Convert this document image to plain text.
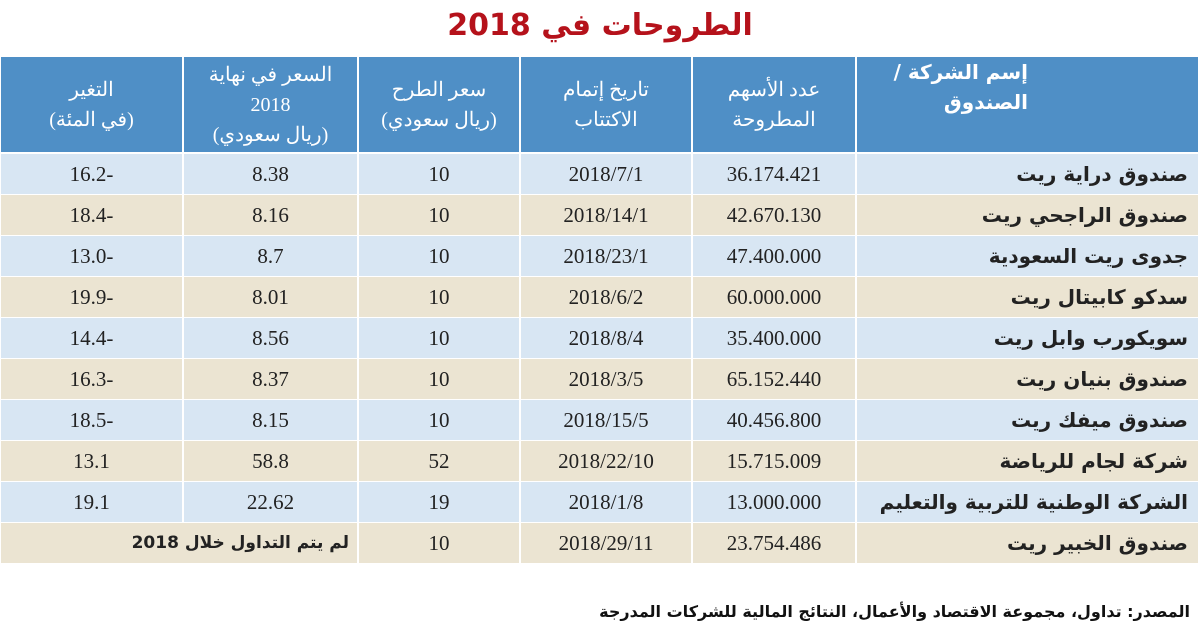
الطروحات في 2018
إسم الشركة /
الصندوق
عدد الأسهم
المطروحة
تاريخ إتمام
الاكتتاب
سعر الطرح
(ريال سعودي)
السعر في نهاية
2018
(ريال سعودي)
التغير
(في المئة)
صندوق دراية ريت
36.174.421
2018/7/1
10
8.38
-16.2
صندوق الراجحي ريت
42.670.130
2018/14/1
10
8.16
-18.4
جدوى ريت السعودية
47.400.000
2018/23/1
10
8.7
-13.0
سدكو كابيتال ريت
60.000.000
2018/6/2
10
8.01
-19.9
سويكورب وابل ريت
35.400.000
2018/8/4
10
8.56
-14.4
صندوق بنيان ريت
65.152.440
2018/3/5
10
8.37
-16.3
صندوق ميفك ريت
40.456.800
2018/15/5
10
8.15
-18.5
شركة لجام للرياضة
15.715.009
2018/22/10
52
58.8
13.1
الشركة الوطنية للتربية والتعليم
13.000.000
2018/1/8
19
22.62
19.1
صندوق الخبير ريت
23.754.486
2018/29/11
10
لم يتم التداول خلال 2018
المصدر: تداول، مجموعة الاقتصاد والأعمال، النتائج المالية للشركات المدرجة
